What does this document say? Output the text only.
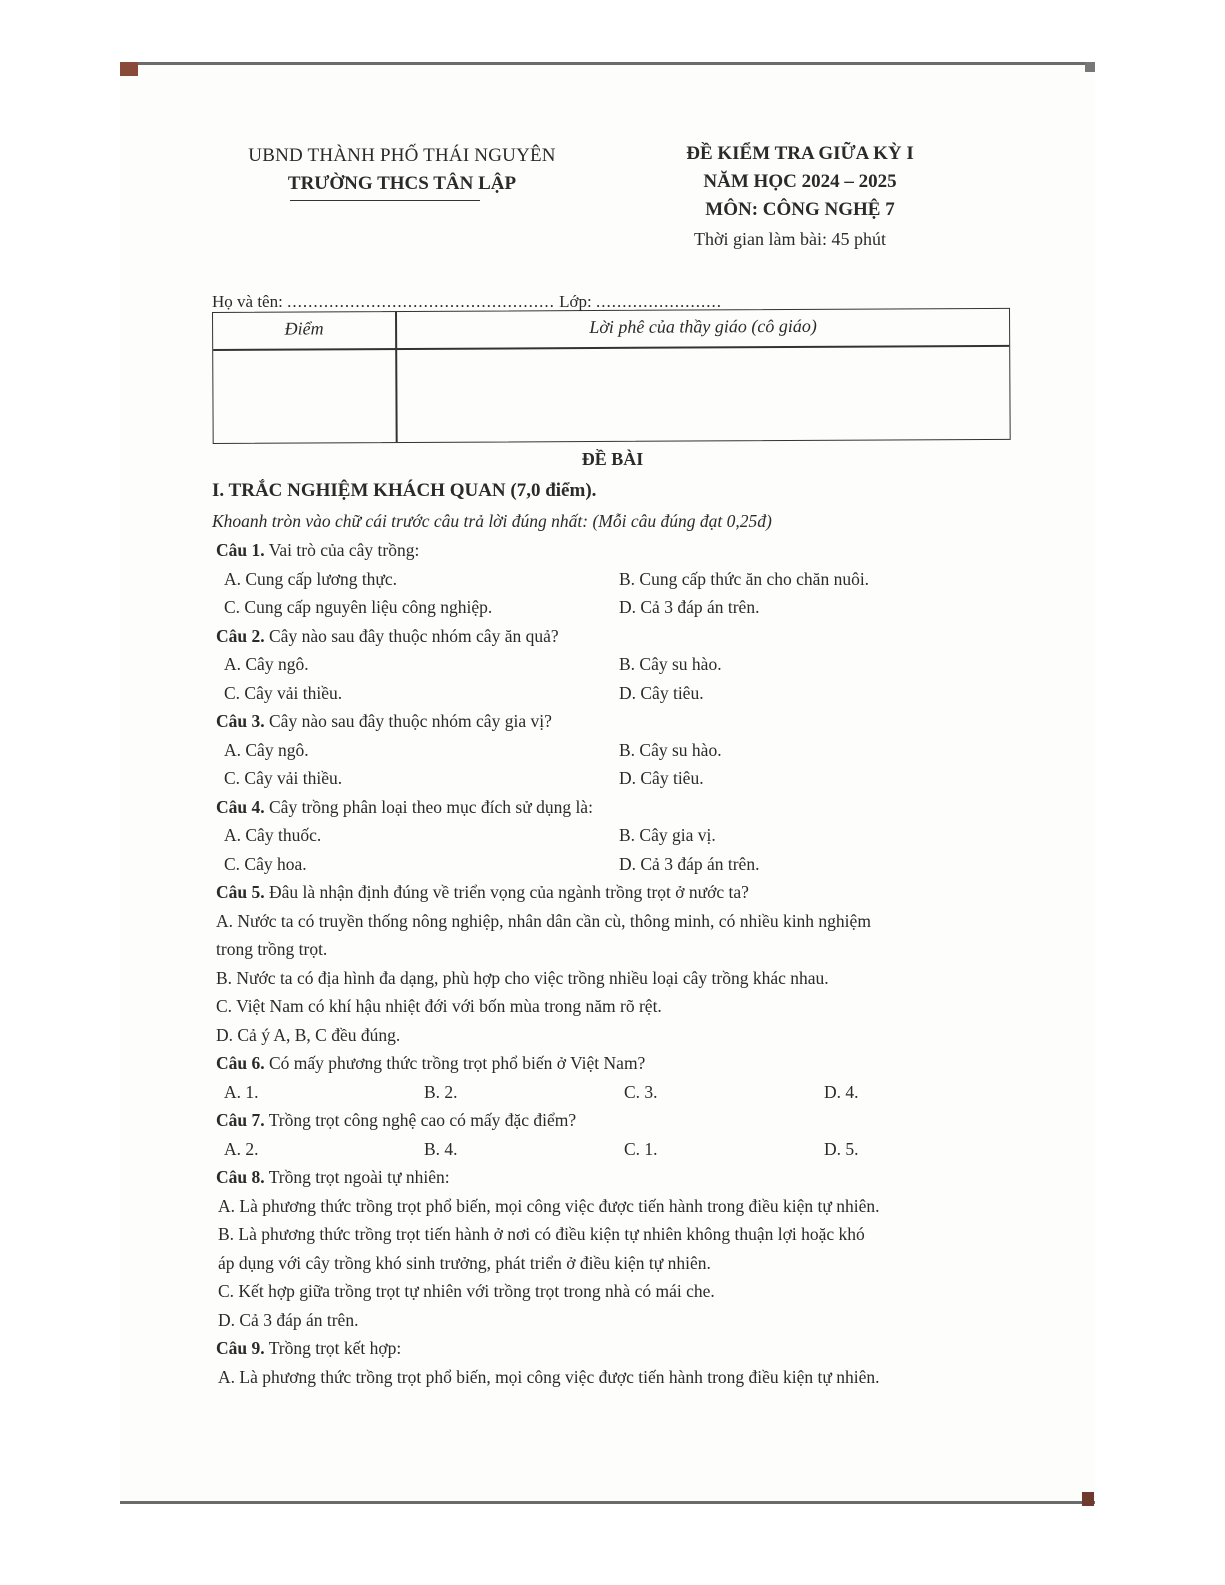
UBND THÀNH PHỐ THÁI NGUYÊN
TRƯỜNG THCS TÂN LẬP
ĐỀ KIỂM TRA GIỮA KỲ I
NĂM HỌC 2024 – 2025
MÔN: CÔNG NGHỆ 7
Thời gian làm bài: 45 phút
Họ và tên: ................................................... Lớp: ........................
Điểm	Lời phê của thầy giáo (cô giáo)
ĐỀ BÀI
I. TRẮC NGHIỆM KHÁCH QUAN (7,0 điểm).
Khoanh tròn vào chữ cái trước câu trả lời đúng nhất: (Mỗi câu đúng đạt 0,25đ)
Câu 1. Vai trò của cây trồng:
A. Cung cấp lương thực.	B. Cung cấp thức ăn cho chăn nuôi.
C. Cung cấp nguyên liệu công nghiệp.	D. Cả 3 đáp án trên.
Câu 2. Cây nào sau đây thuộc nhóm cây ăn quả?
A. Cây ngô.	B. Cây su hào.
C. Cây vải thiều.	D. Cây tiêu.
Câu 3. Cây nào sau đây thuộc nhóm cây gia vị?
A. Cây ngô.	B. Cây su hào.
C. Cây vải thiều.	D. Cây tiêu.
Câu 4. Cây trồng phân loại theo mục đích sử dụng là:
A. Cây thuốc.	B. Cây gia vị.
C. Cây hoa.	D. Cả 3 đáp án trên.
Câu 5. Đâu là nhận định đúng về triển vọng của ngành trồng trọt ở nước ta?
A. Nước ta có truyền thống nông nghiệp, nhân dân cần cù, thông minh, có nhiều kinh nghiệm
trong trồng trọt.
B. Nước ta có địa hình đa dạng, phù hợp cho việc trồng nhiều loại cây trồng khác nhau.
C. Việt Nam có khí hậu nhiệt đới với bốn mùa trong năm rõ rệt.
D. Cả ý A, B, C đều đúng.
Câu 6. Có mấy phương thức trồng trọt phổ biến ở Việt Nam?
A. 1.	B. 2.	C. 3.	D. 4.
Câu 7. Trồng trọt công nghệ cao có mấy đặc điểm?
A. 2.	B. 4.	C. 1.	D. 5.
Câu 8. Trồng trọt ngoài tự nhiên:
A. Là phương thức trồng trọt phổ biến, mọi công việc được tiến hành trong điều kiện tự nhiên.
B. Là phương thức trồng trọt tiến hành ở nơi có điều kiện tự nhiên không thuận lợi hoặc khó
áp dụng với cây trồng khó sinh trưởng, phát triển ở điều kiện tự nhiên.
C. Kết hợp giữa trồng trọt tự nhiên với trồng trọt trong nhà có mái che.
D. Cả 3 đáp án trên.
Câu 9. Trồng trọt kết hợp:
A. Là phương thức trồng trọt phổ biến, mọi công việc được tiến hành trong điều kiện tự nhiên.
